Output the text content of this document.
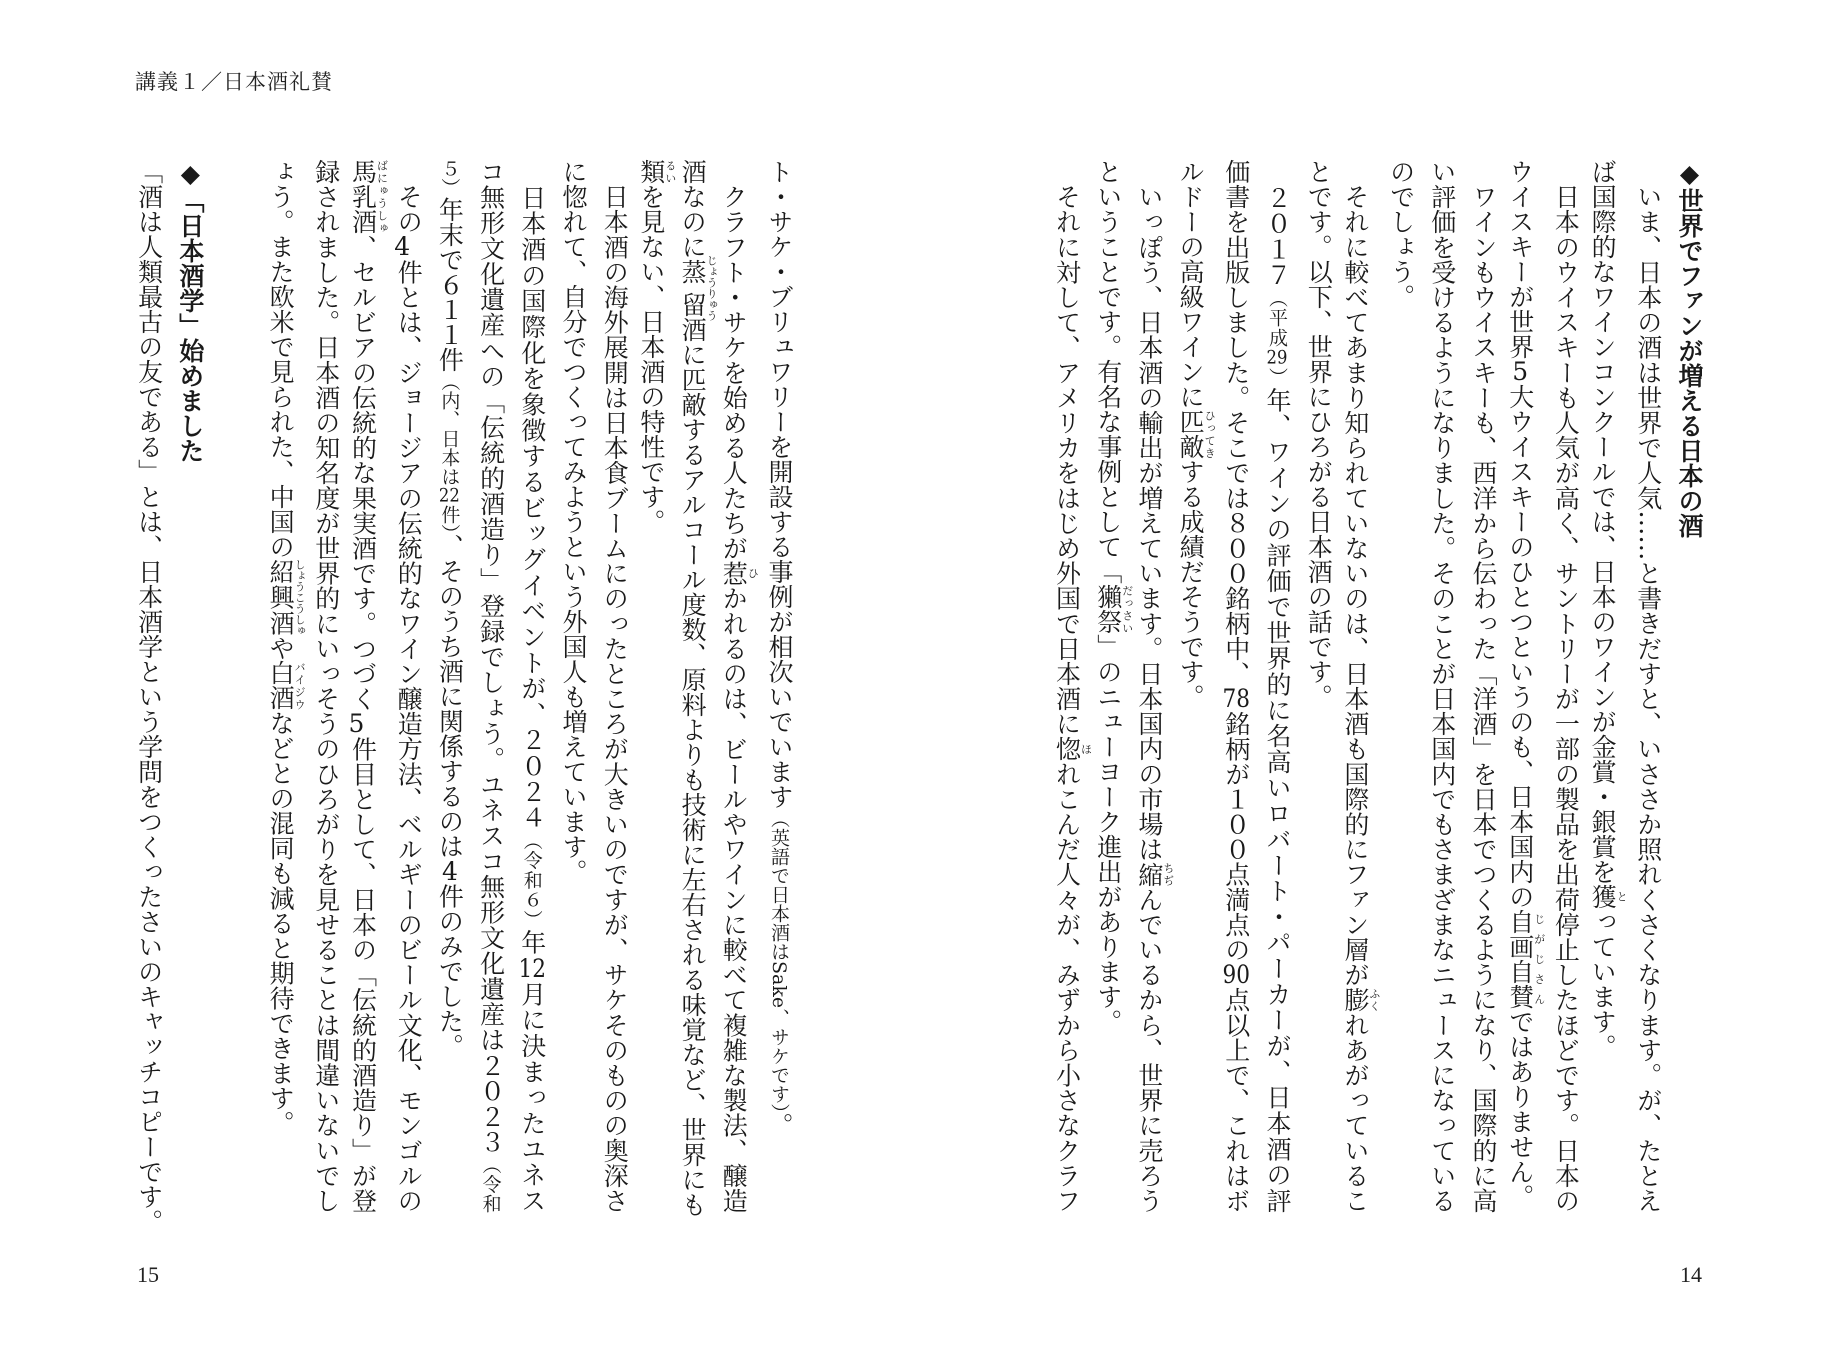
講義１／日本酒礼賛
15	14
◆世界でファンが増える日本の酒
　いま、日本の酒は世界で人気……と書きだすと、いささか照れくさくなります。が、たとえ
ば国際的なワインコンクールでは、日本のワインが金賞・銀賞を獲とっています。
　日本のウイスキーも人気が高く、サントリーが一部の製品を出荷停止したほどです。日本の
ウイスキーが世界5大ウイスキーのひとつというのも、日本国内の自画自賛じがじさんではありません。
　ワインもウイスキーも、西洋から伝わった「洋酒」を日本でつくるようになり、国際的に高
い評価を受けるようになりました。そのことが日本国内でもさまざまなニュースになっている
のでしょう。
　それに較べてあまり知られていないのは、日本酒も国際的にファン層が膨ふくれあがっているこ
とです。以下、世界にひろがる日本酒の話です。
　２０１７（平成29）年、ワインの評価で世界的に名高いロバート・パーカーが、日本酒の評
価書を出版しました。そこでは８００銘柄中、78銘柄が１００点満点の90点以上で、これはボ
ルドーの高級ワインに匹敵ひってきする成績だそうです。
　いっぽう、日本酒の輸出が増えています。日本国内の市場は縮ちぢんでいるから、世界に売ろう
ということです。有名な事例として「獺祭だっさい」のニューヨーク進出があります。
　それに対して、アメリカをはじめ外国で日本酒に惚ほれこんだ人々が、みずから小さなクラフ
ト・サケ・ブリュワリーを開設する事例が相次いでいます（英語で日本酒はSake、サケです）。
　クラフト・サケを始める人たちが惹ひかれるのは、ビールやワインに較べて複雑な製法、醸造
酒なのに蒸留じょうりゅう酒に匹敵するアルコール度数、原料よりも技術に左右される味覚など、世界にも
類るいを見ない、日本酒の特性です。
　日本酒の海外展開は日本食ブームにのったところが大きいのですが、サケそのものの奥深さ
に惚れて、自分でつくってみようという外国人も増えています。
　日本酒の国際化を象徴するビッグイベントが、２０２４（令和６）年12月に決まったユネス
コ無形文化遺産への「伝統的酒造り」登録でしょう。ユネスコ無形文化遺産は２０２３（令和
５）年末で６１１件（内、日本は22件）、そのうち酒に関係するのは4件のみでした。
　その4件とは、ジョージアの伝統的なワイン醸造方法、ベルギーのビール文化、モンゴルの
馬乳酒ばにゅうしゅ、セルビアの伝統的な果実酒です。つづく5件目として、日本の「伝統的酒造り」が登
録されました。日本酒の知名度が世界的にいっそうのひろがりを見せることは間違いないでし
ょう。また欧米で見られた、中国の紹興酒しょうこうしゅや白酒バイジウなどとの混同も減ると期待できます。
◆「日本酒学」始めました
「酒は人類最古の友である」とは、日本酒学という学問をつくったさいのキャッチコピーです。
